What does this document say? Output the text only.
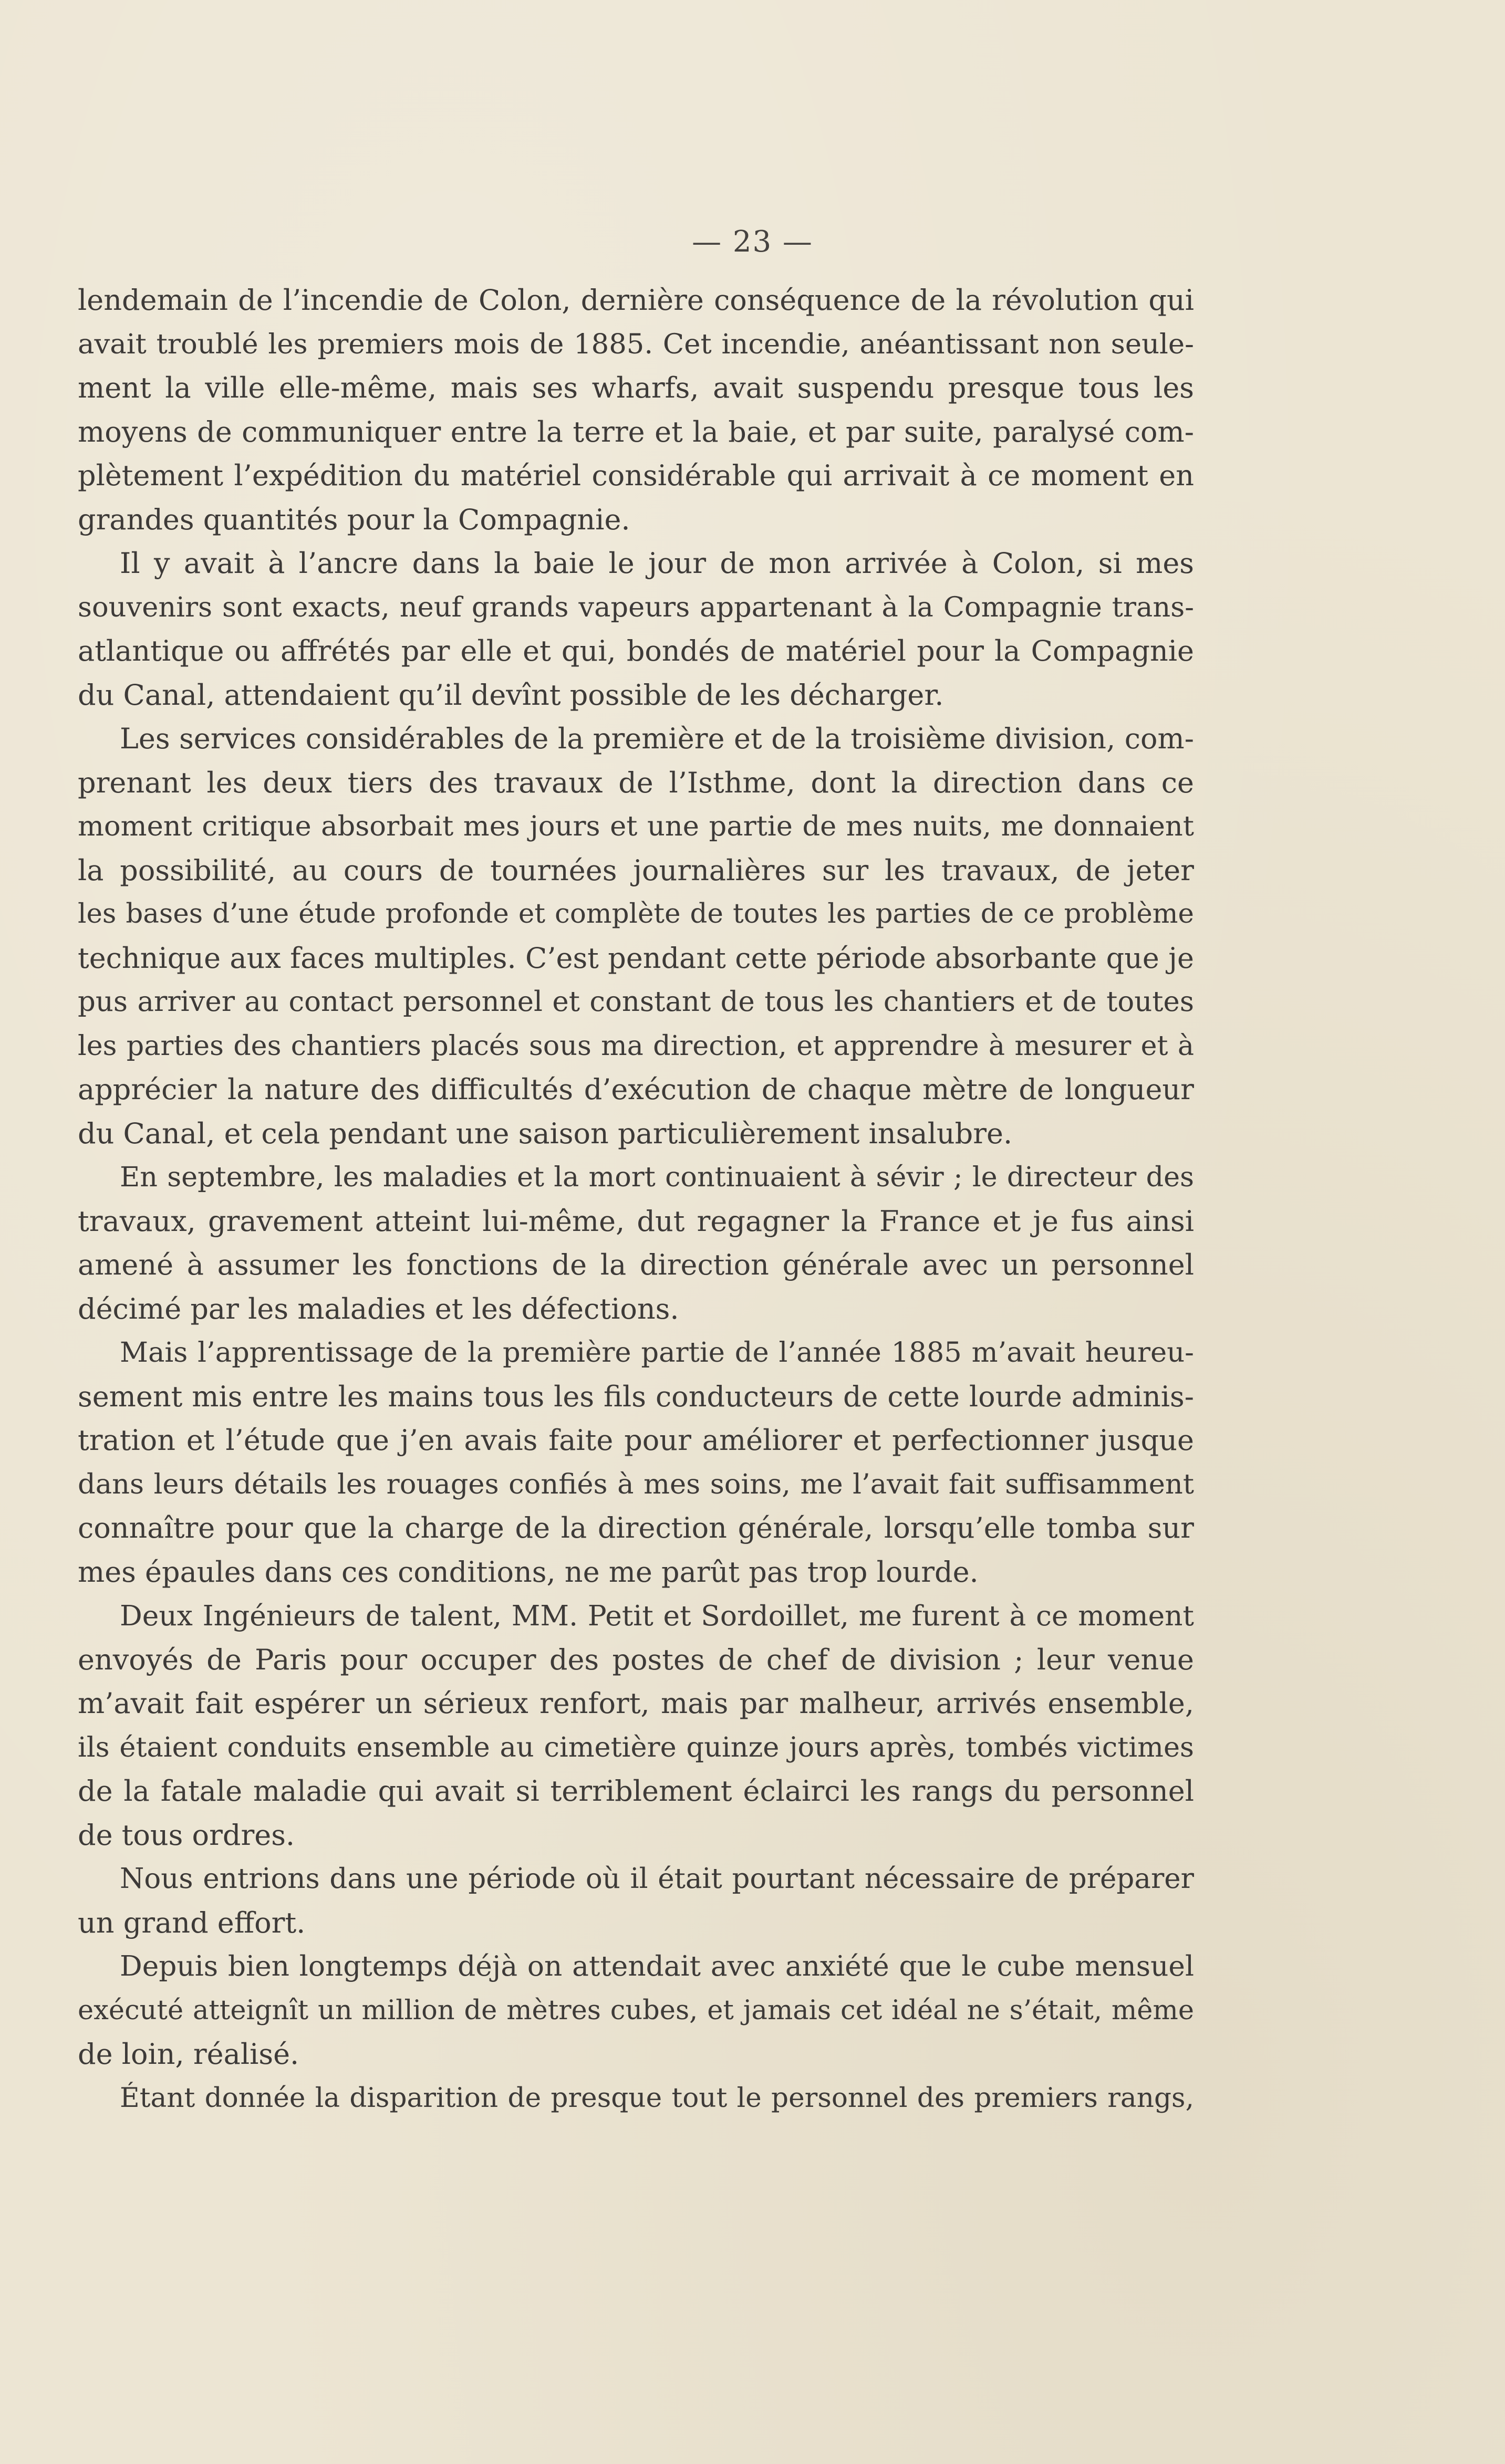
— 23 —
lendemain de l’incendie de Colon, dernière conséquence de la révolution qui
avait troublé les premiers mois de 1885. Cet incendie, anéantissant non seule-
ment la ville elle-même, mais ses wharfs, avait suspendu presque tous les
moyens de communiquer entre la terre et la baie, et par suite, paralysé com-
plètement l’expédition du matériel considérable qui arrivait à ce moment en
grandes quantités pour la Compagnie.
Il y avait à l’ancre dans la baie le jour de mon arrivée à Colon, si mes
souvenirs sont exacts, neuf grands vapeurs appartenant à la Compagnie trans-
atlantique ou affrétés par elle et qui, bondés de matériel pour la Compagnie
du Canal, attendaient qu’il devînt possible de les décharger.
Les services considérables de la première et de la troisième division, com-
prenant les deux tiers des travaux de l’Isthme, dont la direction dans ce
moment critique absorbait mes jours et une partie de mes nuits, me donnaient
la possibilité, au cours de tournées journalières sur les travaux, de jeter
les bases d’une étude profonde et complète de toutes les parties de ce problème
technique aux faces multiples. C’est pendant cette période absorbante que je
pus arriver au contact personnel et constant de tous les chantiers et de toutes
les parties des chantiers placés sous ma direction, et apprendre à mesurer et à
apprécier la nature des difficultés d’exécution de chaque mètre de longueur
du Canal, et cela pendant une saison particulièrement insalubre.
En septembre, les maladies et la mort continuaient à sévir ; le directeur des
travaux, gravement atteint lui-même, dut regagner la France et je fus ainsi
amené à assumer les fonctions de la direction générale avec un personnel
décimé par les maladies et les défections.
Mais l’apprentissage de la première partie de l’année 1885 m’avait heureu-
sement mis entre les mains tous les fils conducteurs de cette lourde adminis-
tration et l’étude que j’en avais faite pour améliorer et perfectionner jusque
dans leurs détails les rouages confiés à mes soins, me l’avait fait suffisamment
connaître pour que la charge de la direction générale, lorsqu’elle tomba sur
mes épaules dans ces conditions, ne me parût pas trop lourde.
Deux Ingénieurs de talent, MM. Petit et Sordoillet, me furent à ce moment
envoyés de Paris pour occuper des postes de chef de division ; leur venue
m’avait fait espérer un sérieux renfort, mais par malheur, arrivés ensemble,
ils étaient conduits ensemble au cimetière quinze jours après, tombés victimes
de la fatale maladie qui avait si terriblement éclairci les rangs du personnel
de tous ordres.
Nous entrions dans une période où il était pourtant nécessaire de préparer
un grand effort.
Depuis bien longtemps déjà on attendait avec anxiété que le cube mensuel
exécuté atteignît un million de mètres cubes, et jamais cet idéal ne s’était, même
de loin, réalisé.
Étant donnée la disparition de presque tout le personnel des premiers rangs,
